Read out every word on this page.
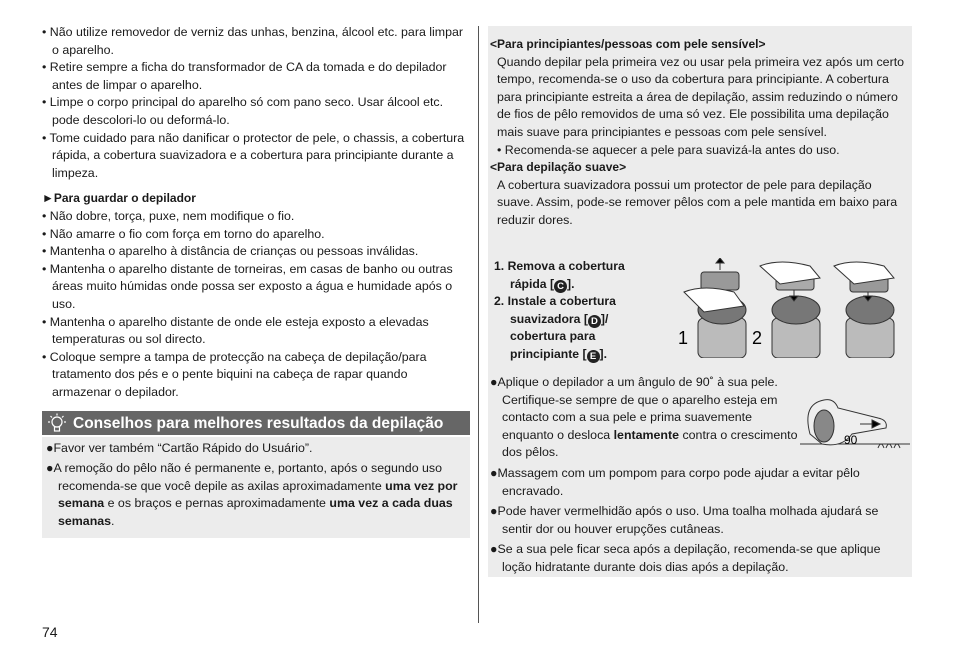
• Não utilize removedor de verniz das unhas, benzina, álcool etc. para limpar o aparelho.

• Retire sempre a ficha do transformador de CA da tomada e do depilador antes de limpar o aparelho.

• Limpe o corpo principal do aparelho só com pano seco. Usar álcool etc. pode descolori-lo ou deformá-lo.

• Tome cuidado para não danificar o protector de pele, o chassis, a cobertura rápida, a cobertura suavizadora e a cobertura para principiante durante a limpeza.

►Para guardar o depilador

• Não dobre, torça, puxe, nem modifique o fio.

• Não amarre o fio com força em torno do aparelho.

• Mantenha o aparelho à distância de crianças ou pessoas inválidas.

• Mantenha o aparelho distante de torneiras, em casas de banho ou outras áreas muito húmidas onde possa ser exposto a água e humidade após o uso.

• Mantenha o aparelho distante de onde ele esteja exposto a elevadas temperaturas ou sol directo.

• Coloque sempre a tampa de protecção na cabeça de depilação/para tratamento dos pés e o pente biquini na cabeça de rapar quando armazenar o depilador.

Conselhos para melhores resultados da depilação

●Favor ver também “Cartão Rápido do Usuário”.

●A remoção do pêlo não é permanente e, portanto, após o segundo uso recomenda-se que você depile as axilas aproximadamente uma vez por semana e os braços e pernas aproximadamente uma vez a cada duas semanas.

<Para principiantes/pessoas com pele sensível>

Quando depilar pela primeira vez ou usar pela primeira vez após um certo tempo, recomenda-se o uso da cobertura para principiante. A cobertura para principiante estreita a área de depilação, assim reduzindo o número de fios de pêlo removidos de uma só vez. Ele possibilita uma depilação mais suave para principiantes e pessoas com pele sensível.

• Recomenda-se aquecer a pele para suavizá-la antes do uso.

<Para depilação suave>

A cobertura suavizadora possui um protector de pele para depilação suave. Assim, pode-se remover pêlos com a pele mantida em baixo para reduzir dores.

1. Remova a cobertura rápida [ C ].

2. Instale a cobertura suavizadora [ D ]/ cobertura para principiante [ E ].

1	2
90

●Aplique o depilador a um ângulo de 90˚ à sua pele. Certifique-se sempre de que o aparelho esteja em contacto com a sua pele e prima suavemente enquanto o desloca lentamente contra o crescimento dos pêlos.

●Massagem com um pompom para corpo pode ajudar a evitar pêlo encravado.

●Pode haver vermelhidão após o uso. Uma toalha molhada ajudará se sentir dor ou houver erupções cutâneas.

●Se a sua pele ficar seca após a depilação, recomenda-se que aplique loção hidratante durante dois dias após a depilação.

74
